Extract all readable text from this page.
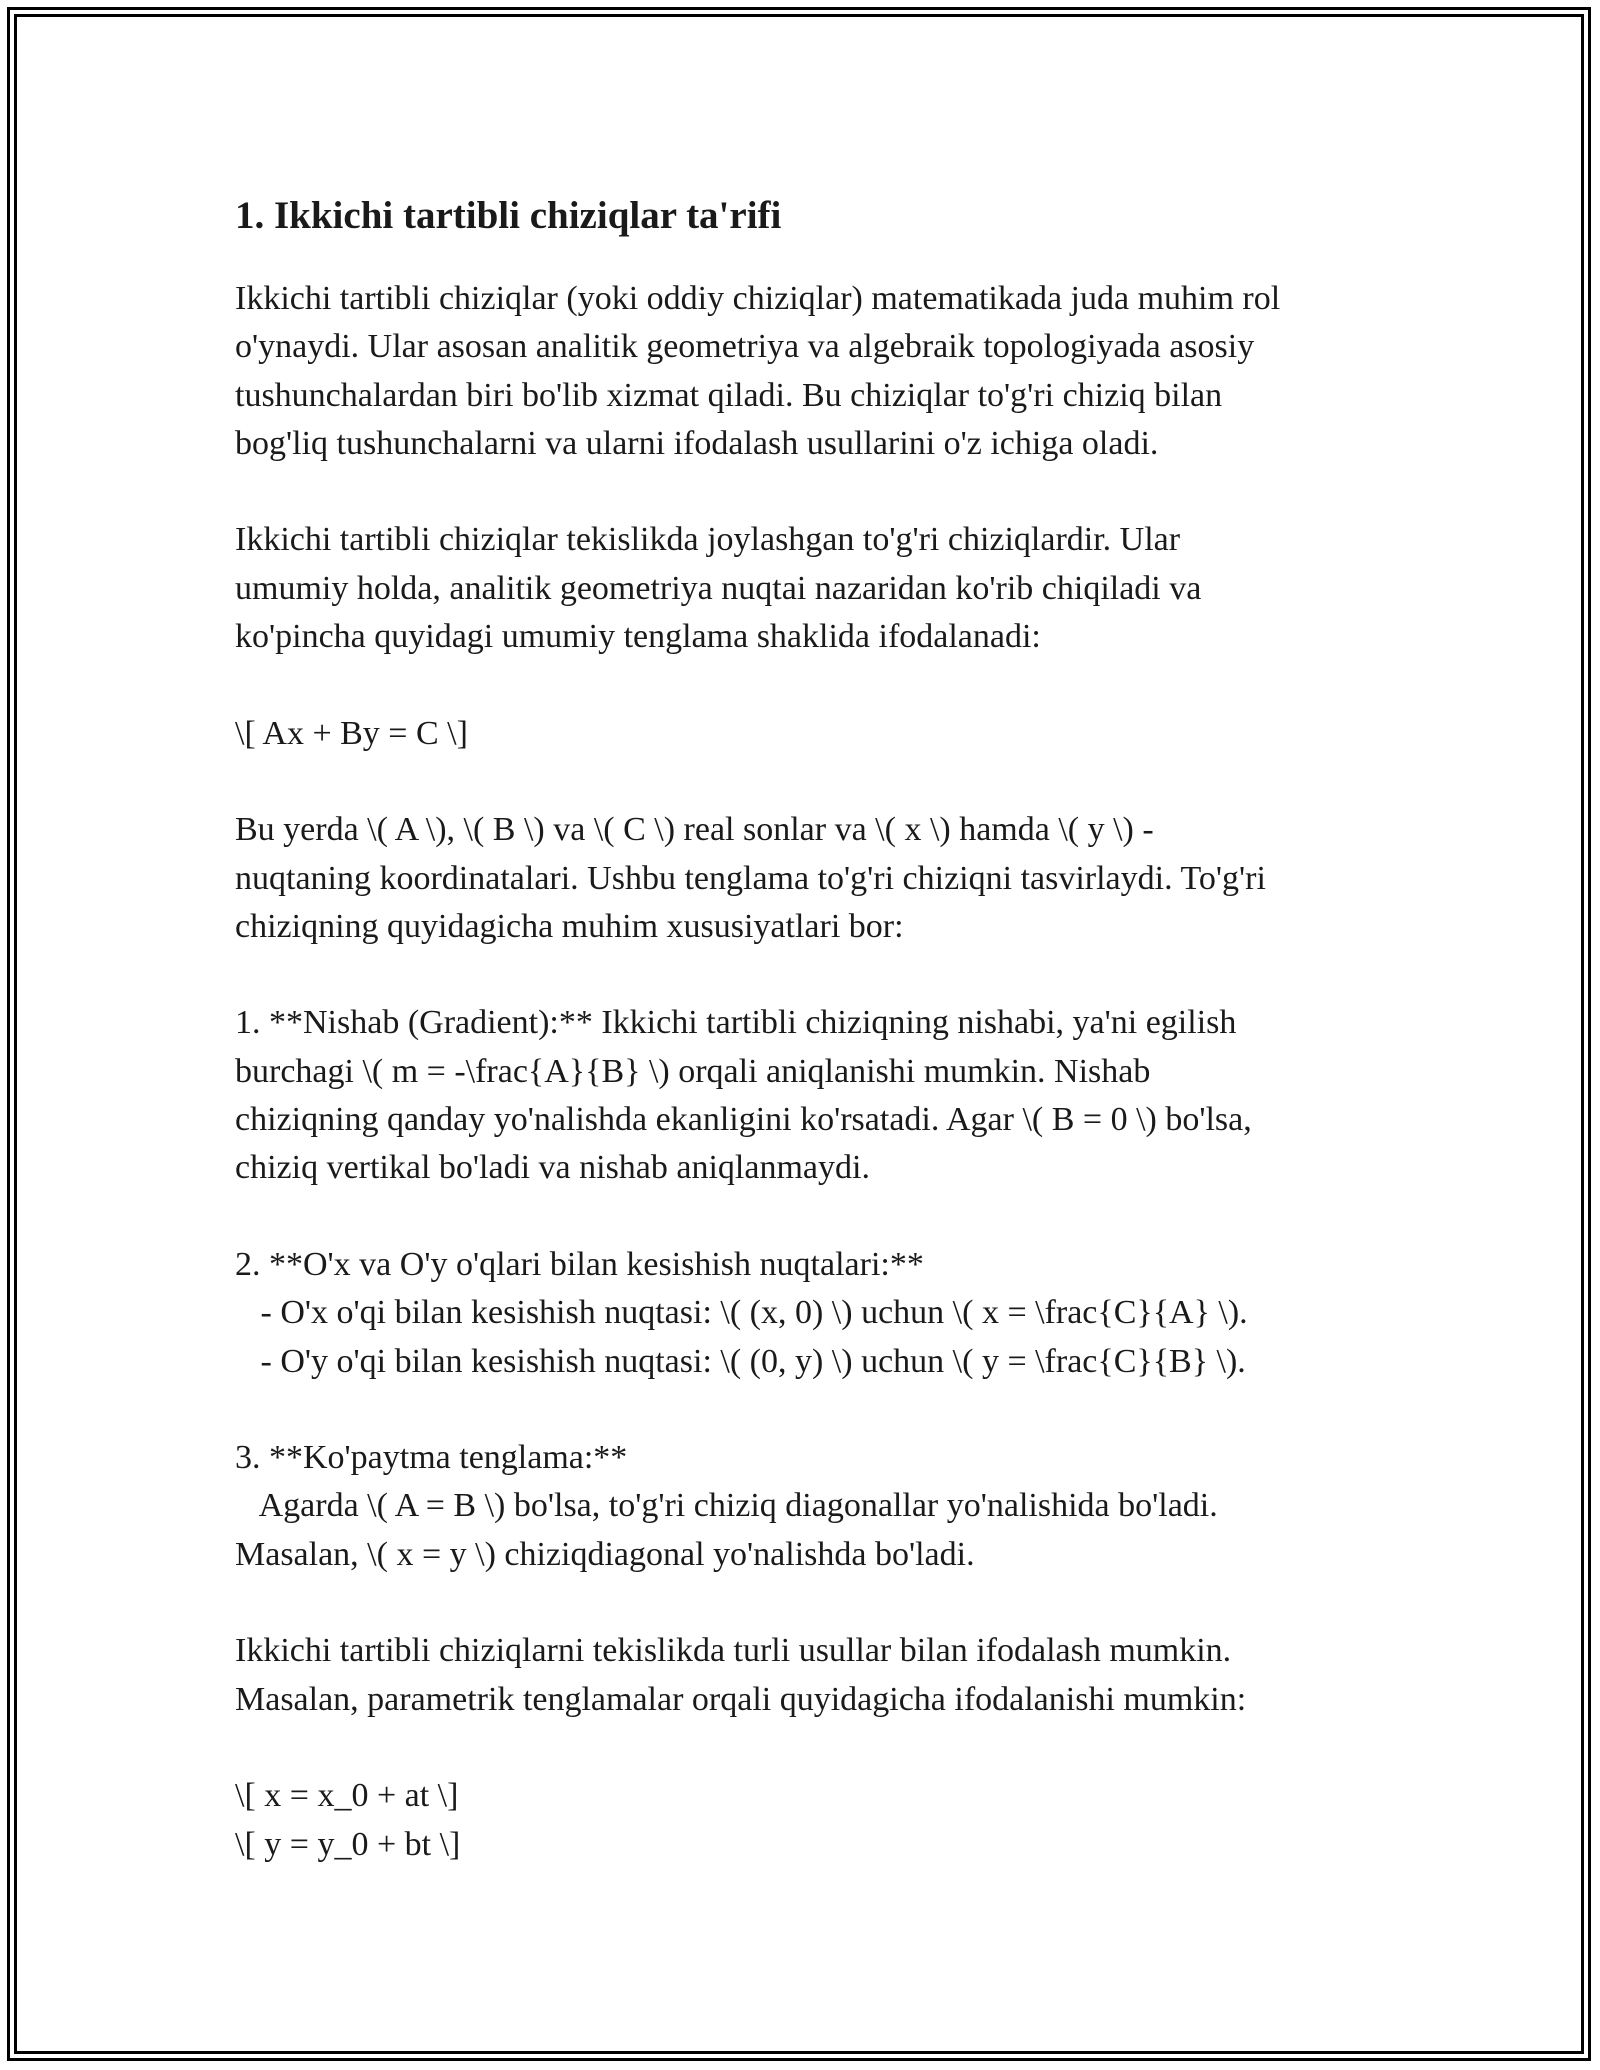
1. Ikkichi tartibli chiziqlar ta'rifi
Ikkichi tartibli chiziqlar (yoki oddiy chiziqlar) matematikada juda muhim rol
o'ynaydi. Ular asosan analitik geometriya va algebraik topologiyada asosiy
tushunchalardan biri bo'lib xizmat qiladi. Bu chiziqlar to'g'ri chiziq bilan
bog'liq tushunchalarni va ularni ifodalash usullarini o'z ichiga oladi.
Ikkichi tartibli chiziqlar tekislikda joylashgan to'g'ri chiziqlardir. Ular
umumiy holda, analitik geometriya nuqtai nazaridan ko'rib chiqiladi va
ko'pincha quyidagi umumiy tenglama shaklida ifodalanadi:
\[ Ax + By = C \]
Bu yerda \( A \), \( B \) va \( C \) real sonlar va \( x \) hamda \( y \) -
nuqtaning koordinatalari. Ushbu tenglama to'g'ri chiziqni tasvirlaydi. To'g'ri
chiziqning quyidagicha muhim xususiyatlari bor:
1. **Nishab (Gradient):** Ikkichi tartibli chiziqning nishabi, ya'ni egilish
burchagi \( m = -\frac{A}{B} \) orqali aniqlanishi mumkin. Nishab
chiziqning qanday yo'nalishda ekanligini ko'rsatadi. Agar \( B = 0 \) bo'lsa,
chiziq vertikal bo'ladi va nishab aniqlanmaydi.
2. **O'x va O'y o'qlari bilan kesishish nuqtalari:**
- O'x o'qi bilan kesishish nuqtasi: \( (x, 0) \) uchun \( x = \frac{C}{A} \).
- O'y o'qi bilan kesishish nuqtasi: \( (0, y) \) uchun \( y = \frac{C}{B} \).
3. **Ko'paytma tenglama:**
Agarda \( A = B \) bo'lsa, to'g'ri chiziq diagonallar yo'nalishida bo'ladi.
Masalan, \( x = y \) chiziqdiagonal yo'nalishda bo'ladi.
Ikkichi tartibli chiziqlarni tekislikda turli usullar bilan ifodalash mumkin.
Masalan, parametrik tenglamalar orqali quyidagicha ifodalanishi mumkin:
\[ x = x_0 + at \]
\[ y = y_0 + bt \]
